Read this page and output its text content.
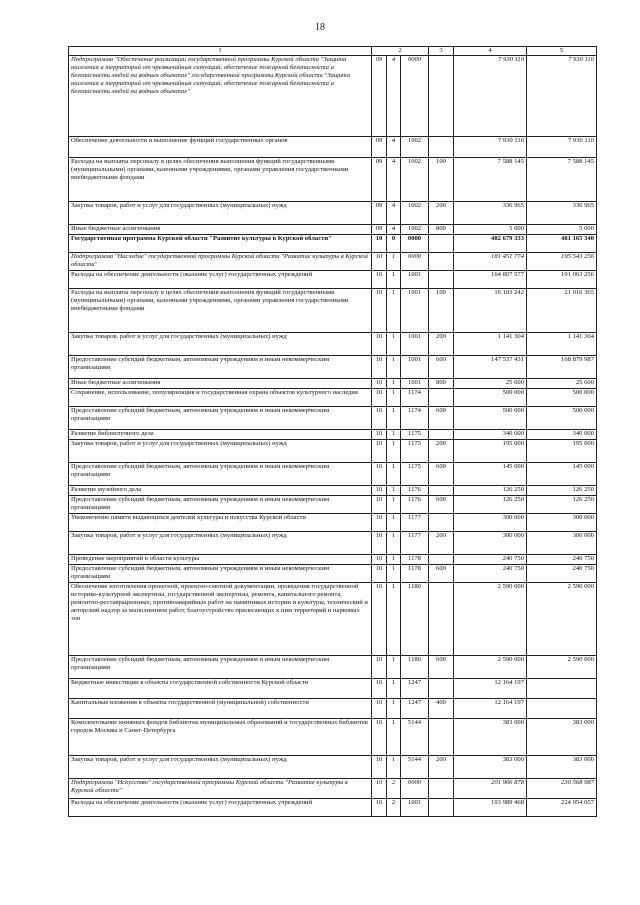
18
1	2			3	4	5
Подпрограмма "Обеспечение реализации государственной программы Курской области "Защита населения и территорий от чрезвычайных ситуаций, обеспечение пожарной безопасности и безопасности людей на водных объектах" государственной программы Курской области "Защита населения и территорий от чрезвычайных ситуаций, обеспечение пожарной безопасности и безопасности людей на водных объектах"	09	4	0000		7 930 110	7 930 110
Обеспечение деятельности и выполнение функций государственных органов	09	4	1002		7 930 110	7 930 110
Расходы на выплаты персоналу в целях обеспечения выполнения функций государственными (муниципальными) органами, казенными учреждениями, органами управления государственными внебюджетными фондами	09	4	1002	100	7 588 145	7 588 145
Закупка товаров, работ и услуг для государственных (муниципальных) нужд	09	4	1002	200	336 965	336 965
Иные бюджетные ассигнования	09	4	1002	800	5 000	5 000
Государственная программа Курской области "Развитие культуры в Курской области"	10	0	0000		482 679 333	481 165 340
Подпрограмма "Наследие" государственной программы Курской области "Развитие культуры в Курской области"	10	1	0000		181 451 774	195 543 256
Расходы на обеспечение деятельности (оказание услуг) государственных учреждений	10	1	1001		164 807 577	191 063 256
Расходы на выплаты персоналу в целях обеспечения выполнения функций государственными (муниципальными) органами, казенными учреждениями, органами управления государственными внебюджетными фондами	10	1	1001	100	16 103 242	21 016 365
Закупка товаров, работ и услуг для государственных (муниципальных) нужд	10	1	1001	200	1 141 304	1 141 304
Предоставление субсидий бюджетным, автономным учреждениям и иным некоммерческим организациям	10	1	1001	600	147 537 431	168 879 987
Иные бюджетные ассигнования	10	1	1001	800	25 600	25 600
Сохранение, использование, популяризация и государственная охрана объектов культурного наследия	10	1	1174		500 000	500 000
Предоставление субсидий бюджетным, автономным учреждениям и иным некоммерческим организациям	10	1	1174	600	500 000	500 000
Развитие библиотечного дела	10	1	1175		340 000	340 000
Закупка товаров, работ и услуг для государственных (муниципальных) нужд	10	1	1175	200	195 000	195 000
Предоставление субсидий бюджетным, автономным учреждениям и иным некоммерческим организациям	10	1	1175	600	145 000	145 000
Развитие музейного дела	10	1	1176		126 250	126 250
Предоставление субсидий бюджетным, автономным учреждениям и иным некоммерческим организациям	10	1	1176	600	126 250	126 250
Увековечение памяти выдающихся деятелей культуры и искусства Курской области	10	1	1177		300 000	300 000
Закупка товаров, работ и услуг для государственных (муниципальных) нужд	10	1	1177	200	300 000	300 000
Проведение мероприятий в области культуры	10	1	1178		240 750	240 750
Предоставление субсидий бюджетным, автономным учреждениям и иным некоммерческим организациям	10	1	1178	600	240 750	240 750
Обеспечение изготовления проектной, проектно-сметной документации, проведения государственной историко-культурной экспертизы, государственной экспертизы, ремонта, капитального ремонта, ремонтно-реставрационных, противоаварийных работ на памятниках истории и культуры, технический и авторский надзор за выполнением работ, благоустройство прилегающих к ним территорий и парковых зон	10	1	1180		2 590 000	2 590 000
Предоставление субсидий бюджетным, автономным учреждениям и иным некоммерческим организациям	10	1	1180	600	2 590 000	2 590 000
Бюджетные инвестиции в объекты государственной собственности Курской области	10	1	1247		12 164 197	
Капитальные вложения в объекты государственной (муниципальной) собственности	10	1	1247	400	12 164 197	
Комплектование книжных фондов библиотек муниципальных образований и государственных библиотек городов Москвы и Санкт-Петербурга	10	1	5144		383 000	383 000
Закупка товаров, работ и услуг для государственных (муниципальных) нужд	10	1	5144	200	383 000	383 000
Подпрограмма "Искусство" государственной программы Курской области "Развитие культуры в Курской области"	10	2	0000		201 966 878	230 568 987
Расходы на обеспечение деятельности (оказание услуг) государственных учреждений	10	2	1001		193 989 468	224 054 057
